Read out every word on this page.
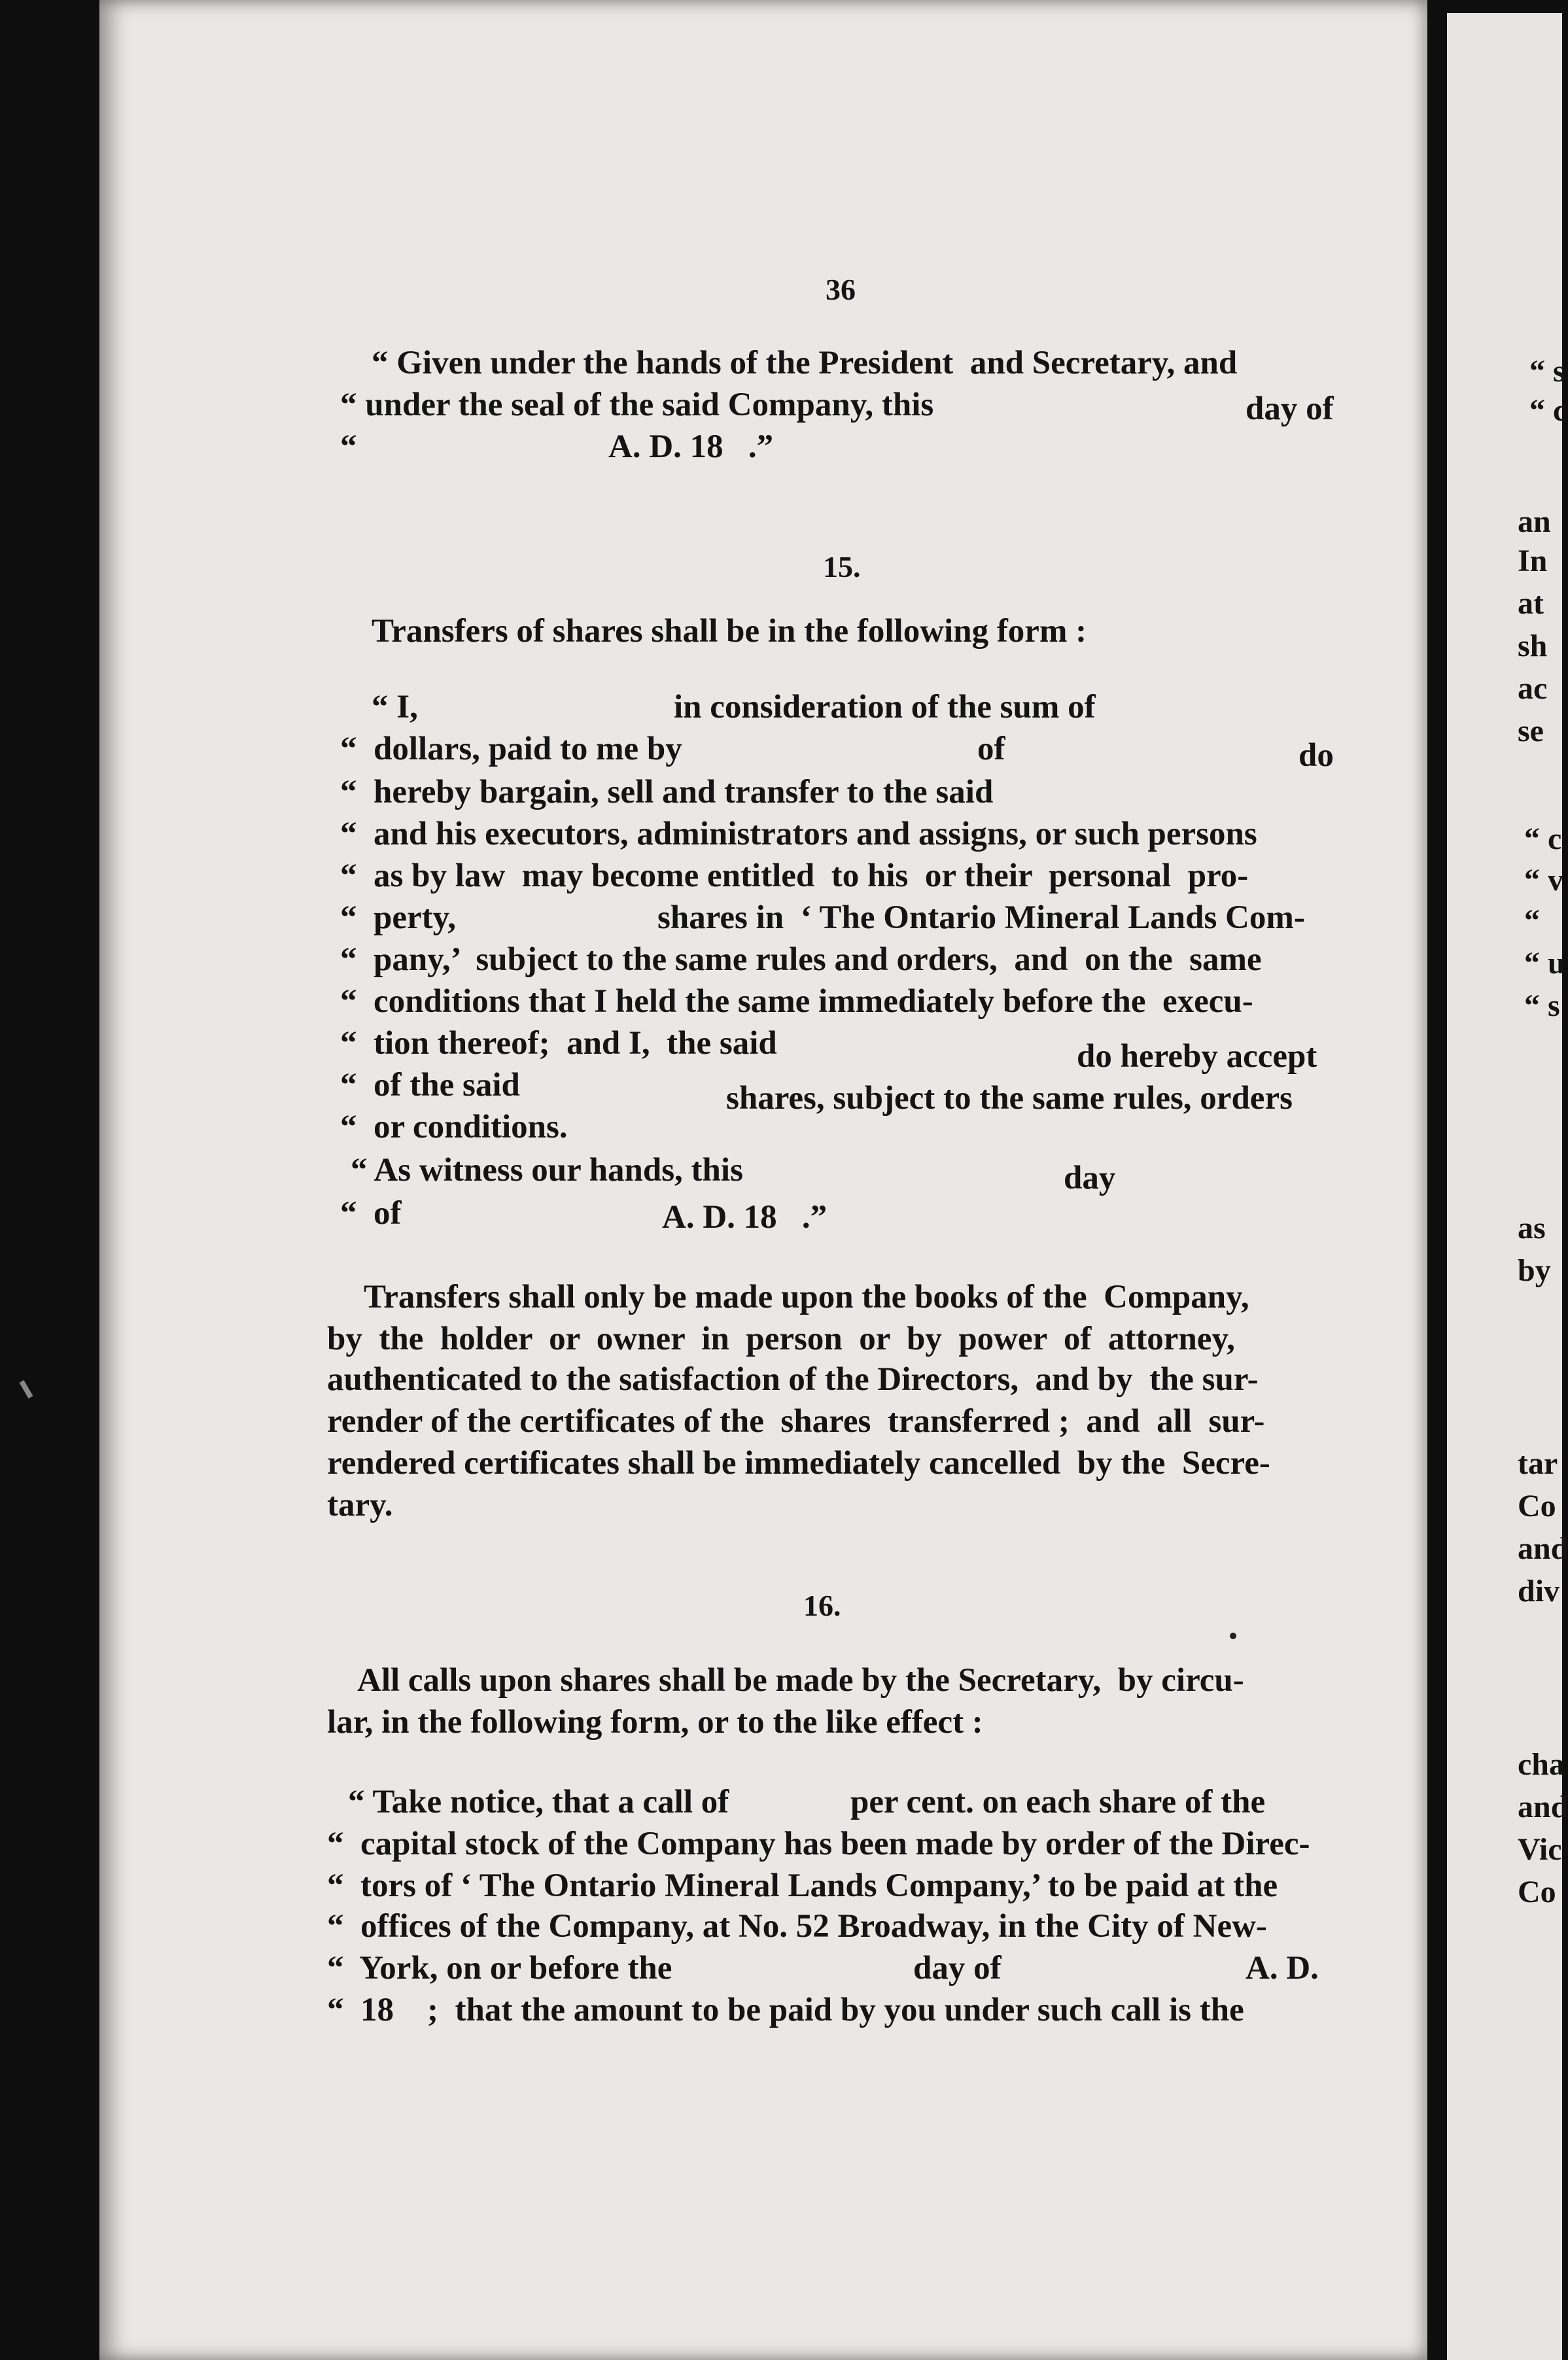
36
15.
Transfers of shares shall be in the following form :
16.
“ Given under the hands of the President  and Secretary, and
“ under the seal of the said Company, this	day of
“	A. D. 18   .”
“ I,	in consideration of the sum of
“  dollars, paid to me by	of	do
“  hereby bargain, sell and transfer to the said
“  and his executors, administrators and assigns, or such persons
“  as by law  may become entitled  to his  or their  personal  pro-
“  perty,	shares in  ‘ The Ontario Mineral Lands Com-
“  pany,’  subject to the same rules and orders,  and  on the  same
“  conditions that I held the same immediately before the  execu-
“  tion thereof;  and I,  the said	do hereby accept
“  of the said	shares, subject to the same rules, orders
“  or conditions.
“ As witness our hands, this	day
“  of	A. D. 18   .”
Transfers shall only be made upon the books of the  Company,
by  the  holder  or  owner  in  person  or  by  power  of  attorney,
authenticated to the satisfaction of the Directors,  and by  the sur-
render of the certificates of the  shares  transferred ;  and  all  sur-
rendered certificates shall be immediately cancelled  by the  Secre-
tary.
All calls upon shares shall be made by the Secretary,  by circu-
lar, in the following form, or to the like effect :
“ Take notice, that a call of	per cent. on each share of the
“  capital stock of the Company has been made by order of the Direc-
“  tors of ‘ The Ontario Mineral Lands Company,’ to be paid at the
“  offices of the Company, at No. 52 Broadway, in the City of New-
“  York, on or before the	day of	A. D.
“  18    ;  that the amount to be paid by you under such call is the
“ s
“ c
an
In
at
sh
ac
se
“ c
“ v
“
“ u
“ s
as
by
tar
Co
and
div
cha
and
Vic
Co
